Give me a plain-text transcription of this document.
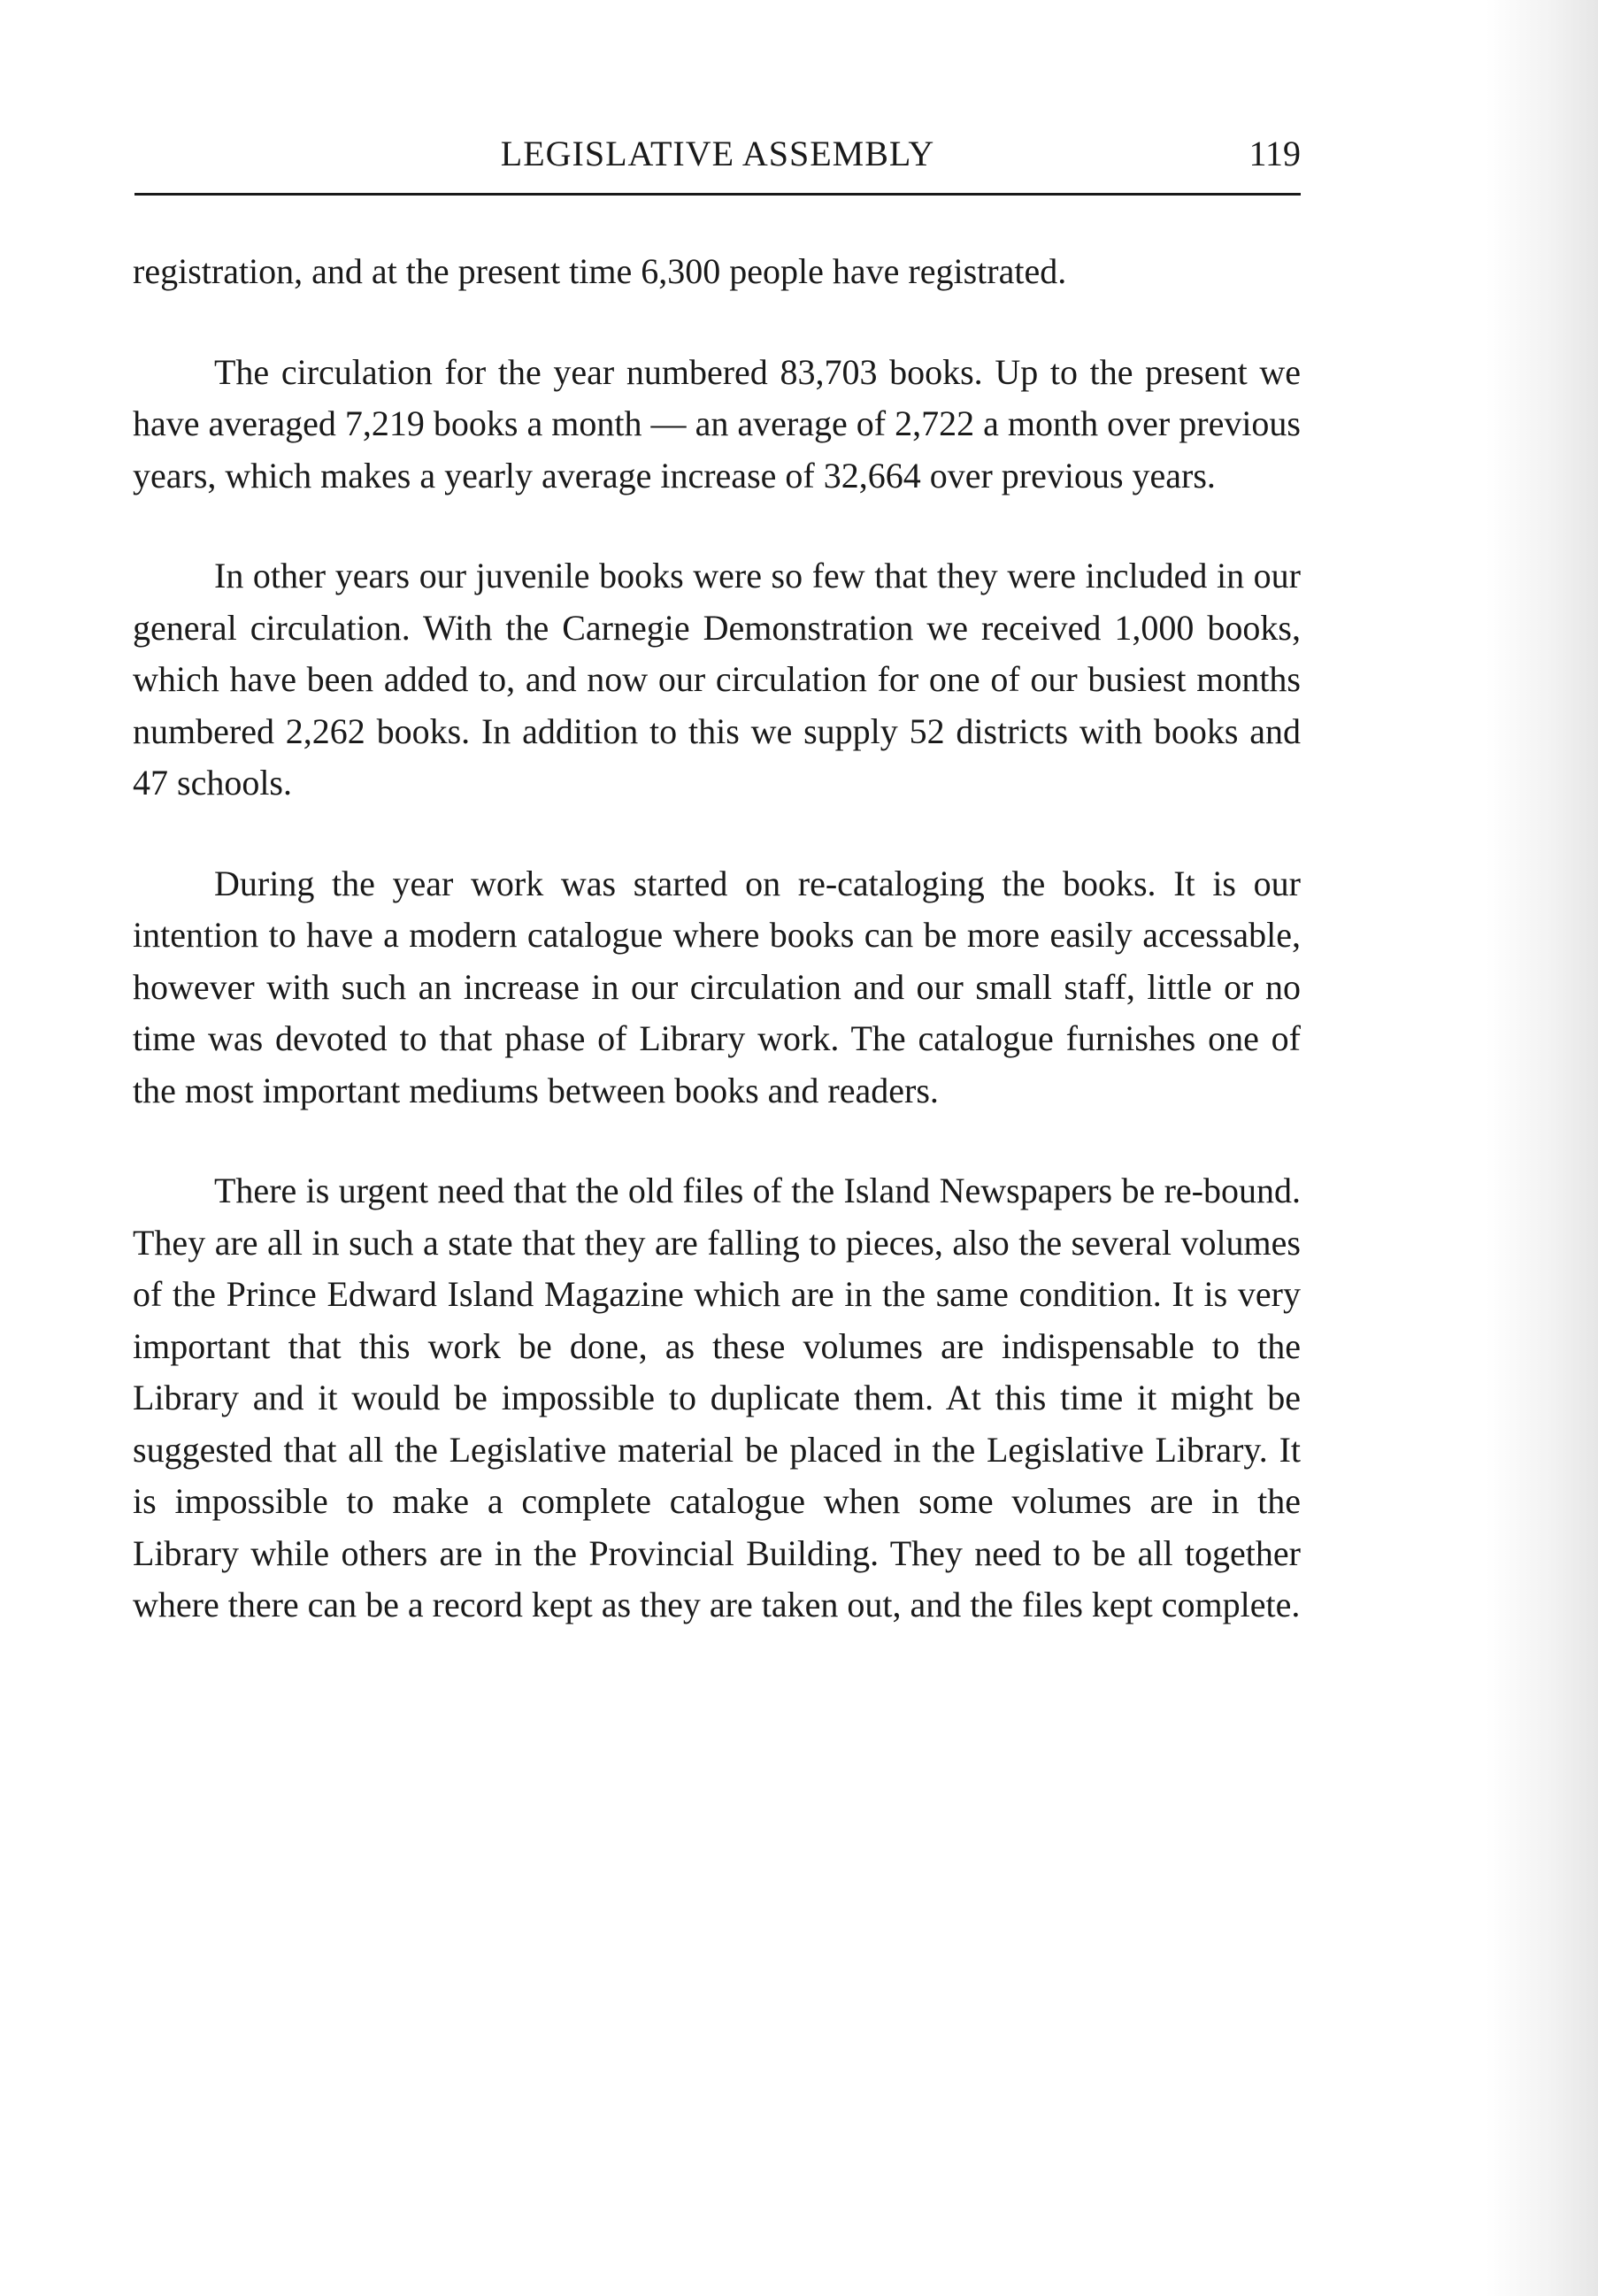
LEGISLATIVE ASSEMBLY	119

registration, and at the present time 6,300 people have registrated.

The circulation for the year numbered 83,703 books. Up to the present we have averaged 7,219 books a month — an average of 2,722 a month over previous years, which makes a yearly average increase of 32,664 over previous years.

In other years our juvenile books were so few that they were included in our general circulation. With the Carnegie Demonstration we received 1,000 books, which have been added to, and now our circulation for one of our busiest months numbered 2,262 books. In addition to this we supply 52 districts with books and 47 schools.

During the year work was started on re-cataloging the books. It is our intention to have a modern catalogue where books can be more easily accessable, however with such an increase in our circulation and our small staff, little or no time was devoted to that phase of Library work. The catalogue furnishes one of the most important mediums between books and readers.

There is urgent need that the old files of the Island Newspapers be re-bound. They are all in such a state that they are falling to pieces, also the several volumes of the Prince Edward Island Magazine which are in the same condition. It is very important that this work be done, as these volumes are indispensable to the Library and it would be impossible to duplicate them. At this time it might be suggested that all the Legislative material be placed in the Legislative Library. It is impossible to make a complete catalogue when some volumes are in the Library while others are in the Provincial Building. They need to be all together where there can be a record kept as they are taken out, and the files kept complete.
